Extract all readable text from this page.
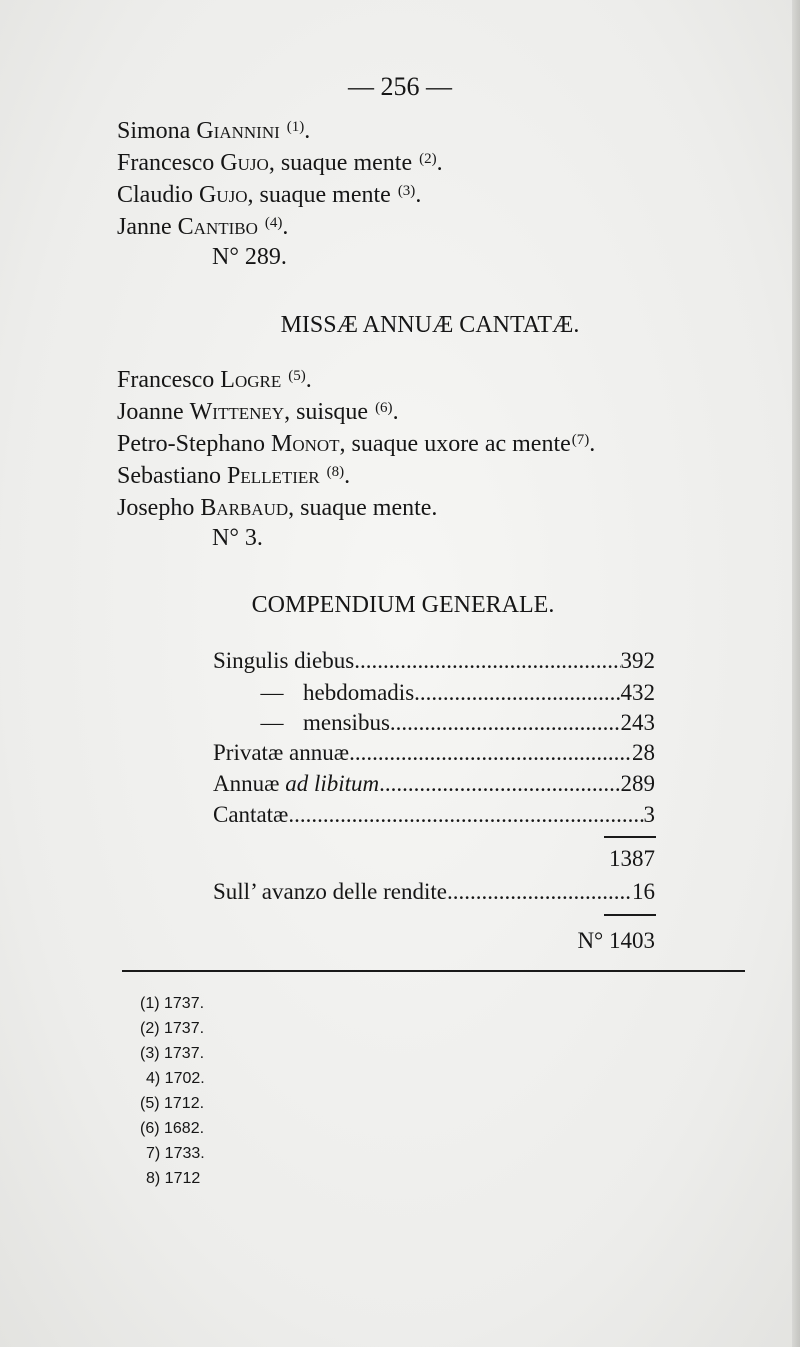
— 256 —
Simona Giannini $^{(1)}$.
Francesco Gujo, suaque mente $^{(2)}$.
Claudio Gujo, suaque mente $^{(3)}$.
Janne Cantibo $^{(4)}$.
N° 289.
MISSÆ ANNUÆ CANTATÆ.
Francesco Logre $^{(5)}$.
Joanne Witteney, suisque $^{(6)}$.
Petro-Stephano Monot, suaque uxore ac mente$^{(7)}$.
Sebastiano Pelletier $^{(8)}$.
Josepho Barbaud, suaque mente.
N° 3.
COMPENDIUM GENERALE.
Singulis diebus .....	392
— hebdomadis .....	432
— mensibus .....	243
Privatæ annuæ .....	28
Annuæ ad libitum .....	289
Cantatæ .....	3
1387
Sull’ avanzo delle rendite .....	16
N° 1403
(1) 1737.
(2) 1737.
(3) 1737.
4) 1702.
(5) 1712.
(6) 1682.
7) 1733.
8) 1712
